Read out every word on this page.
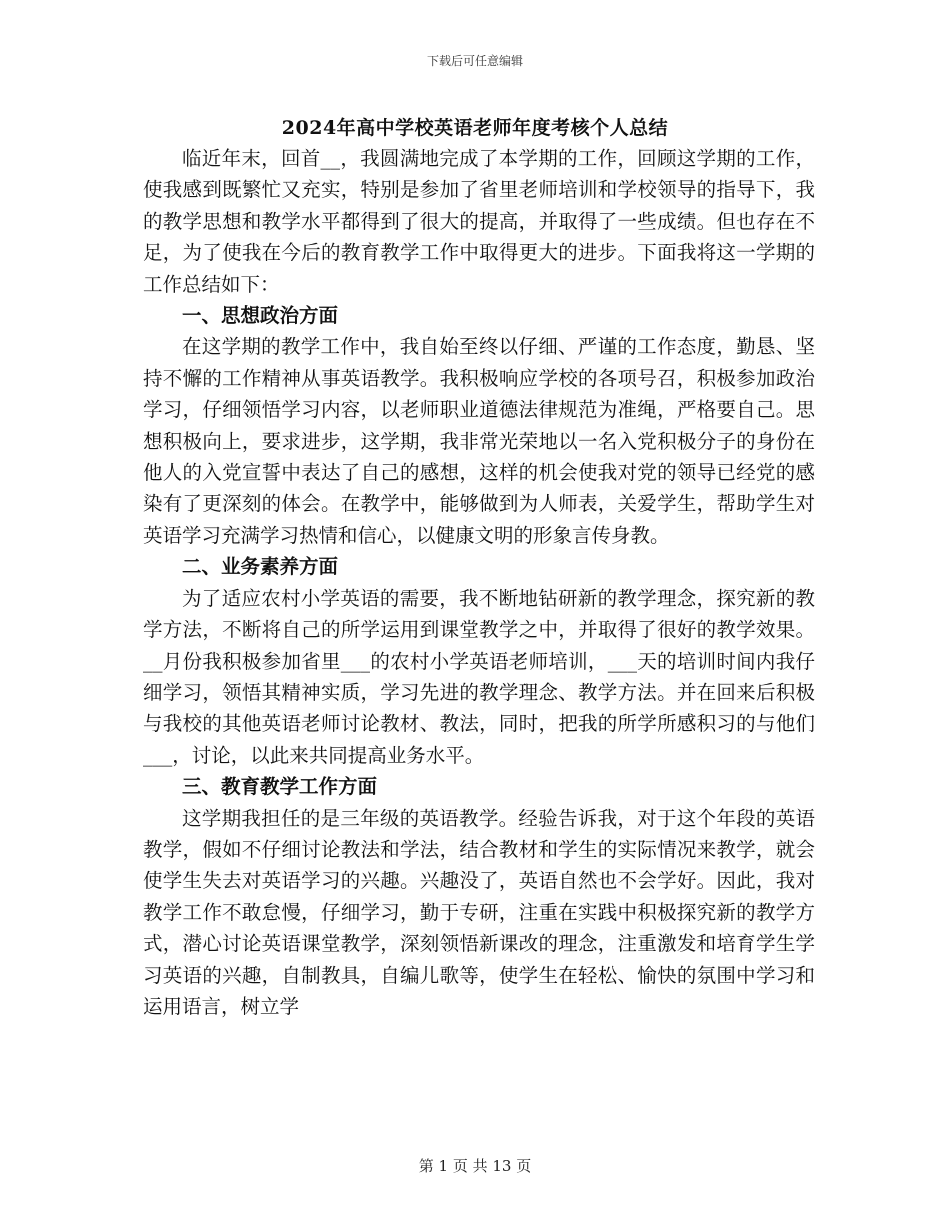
下载后可任意编辑
2024年高中学校英语老师年度考核个人总结

临近年末，回首__，我圆满地完成了本学期的工作，回顾这学期的工作，使我感到既繁忙又充实，特别是参加了省里老师培训和学校领导的指导下，我的教学思想和教学水平都得到了很大的提高，并取得了一些成绩。但也存在不足，为了使我在今后的教育教学工作中取得更大的进步。下面我将这一学期的工作总结如下：

一、思想政治方面

在这学期的教学工作中，我自始至终以仔细、严谨的工作态度，勤恳、坚持不懈的工作精神从事英语教学。我积极响应学校的各项号召，积极参加政治学习，仔细领悟学习内容，以老师职业道德法律规范为准绳，严格要自己。思想积极向上，要求进步，这学期，我非常光荣地以一名入党积极分子的身份在他人的入党宣誓中表达了自己的感想，这样的机会使我对党的领导已经党的感染有了更深刻的体会。在教学中，能够做到为人师表，关爱学生，帮助学生对英语学习充满学习热情和信心，以健康文明的形象言传身教。

二、业务素养方面

为了适应农村小学英语的需要，我不断地钻研新的教学理念，探究新的教学方法，不断将自己的所学运用到课堂教学之中，并取得了很好的教学效果。__月份我积极参加省里___的农村小学英语老师培训，___天的培训时间内我仔细学习，领悟其精神实质，学习先进的教学理念、教学方法。并在回来后积极与我校的其他英语老师讨论教材、教法，同时，把我的所学所感积习的与他们___，讨论，以此来共同提高业务水平。

三、教育教学工作方面

这学期我担任的是三年级的英语教学。经验告诉我，对于这个年段的英语教学，假如不仔细讨论教法和学法，结合教材和学生的实际情况来教学，就会使学生失去对英语学习的兴趣。兴趣没了，英语自然也不会学好。因此，我对教学工作不敢怠慢，仔细学习，勤于专研，注重在实践中积极探究新的教学方式，潜心讨论英语课堂教学，深刻领悟新课改的理念，注重激发和培育学生学习英语的兴趣，自制教具，自编儿歌等，使学生在轻松、愉快的氛围中学习和运用语言，树立学

第 1 页 共 13 页
